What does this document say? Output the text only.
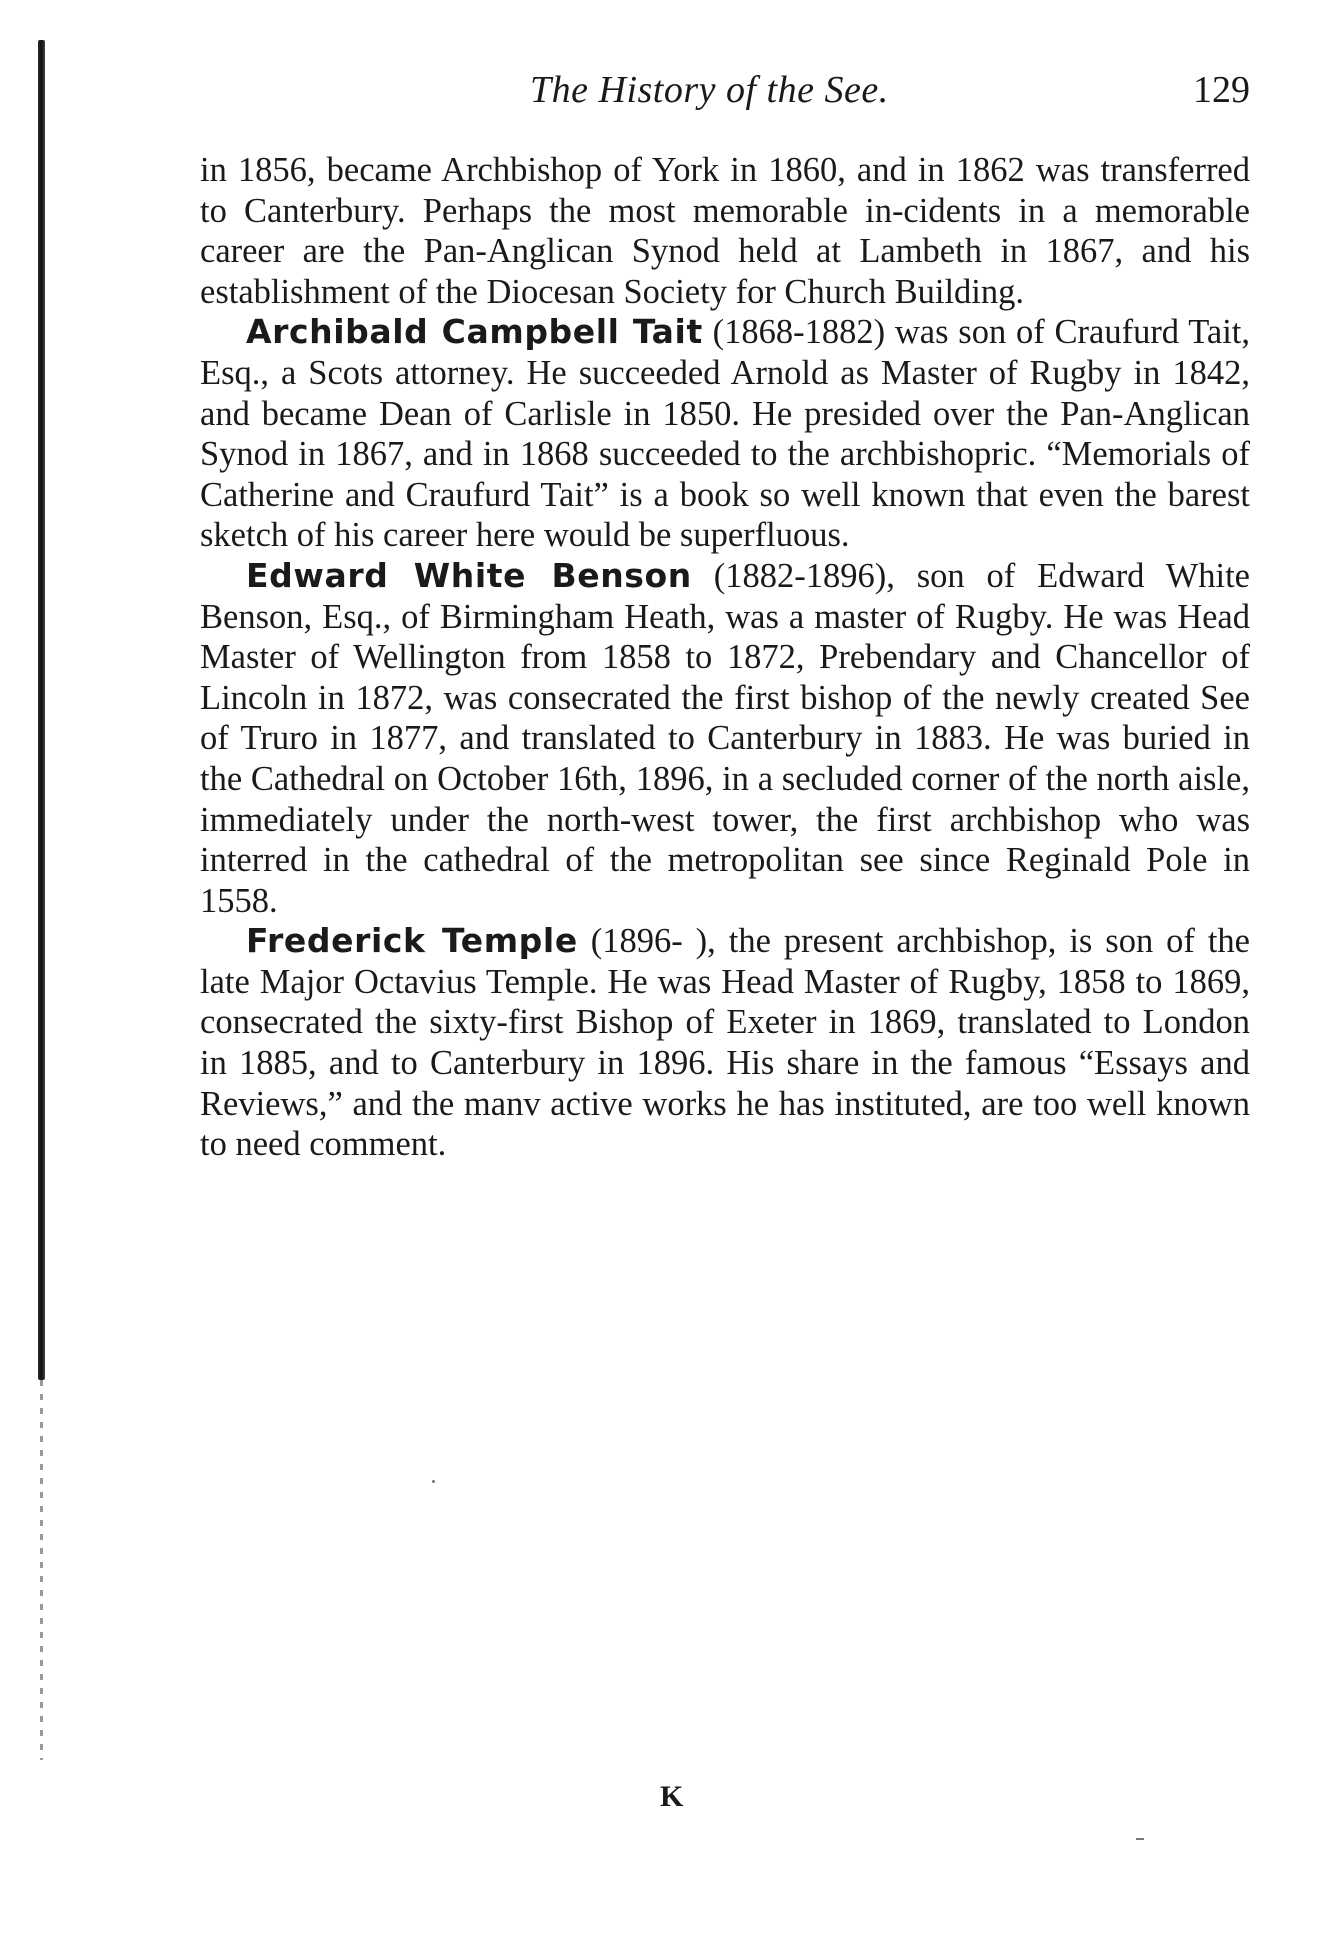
The History of the See.	129

in 1856, became Archbishop of York in 1860, and in 1862 was transferred to Canterbury. Perhaps the most memorable in-cidents in a memorable career are the Pan-Anglican Synod held at Lambeth in 1867, and his establishment of the Diocesan Society for Church Building.

Archibald Campbell Tait (1868-1882) was son of Craufurd Tait, Esq., a Scots attorney. He succeeded Arnold as Master of Rugby in 1842, and became Dean of Carlisle in 1850. He presided over the Pan-Anglican Synod in 1867, and in 1868 succeeded to the archbishopric. “Memorials of Catherine and Craufurd Tait” is a book so well known that even the barest sketch of his career here would be superfluous.

Edward White Benson (1882-1896), son of Edward White Benson, Esq., of Birmingham Heath, was a master of Rugby. He was Head Master of Wellington from 1858 to 1872, Prebendary and Chancellor of Lincoln in 1872, was consecrated the first bishop of the newly created See of Truro in 1877, and translated to Canterbury in 1883. He was buried in the Cathedral on October 16th, 1896, in a secluded corner of the north aisle, immediately under the north-west tower, the first archbishop who was interred in the cathedral of the metropolitan see since Reginald Pole in 1558.

Frederick Temple (1896- ), the present archbishop, is son of the late Major Octavius Temple. He was Head Master of Rugby, 1858 to 1869, consecrated the sixty-first Bishop of Exeter in 1869, translated to London in 1885, and to Canterbury in 1896. His share in the famous “Essays and Reviews,” and the manv active works he has instituted, are too well known to need comment.

K
